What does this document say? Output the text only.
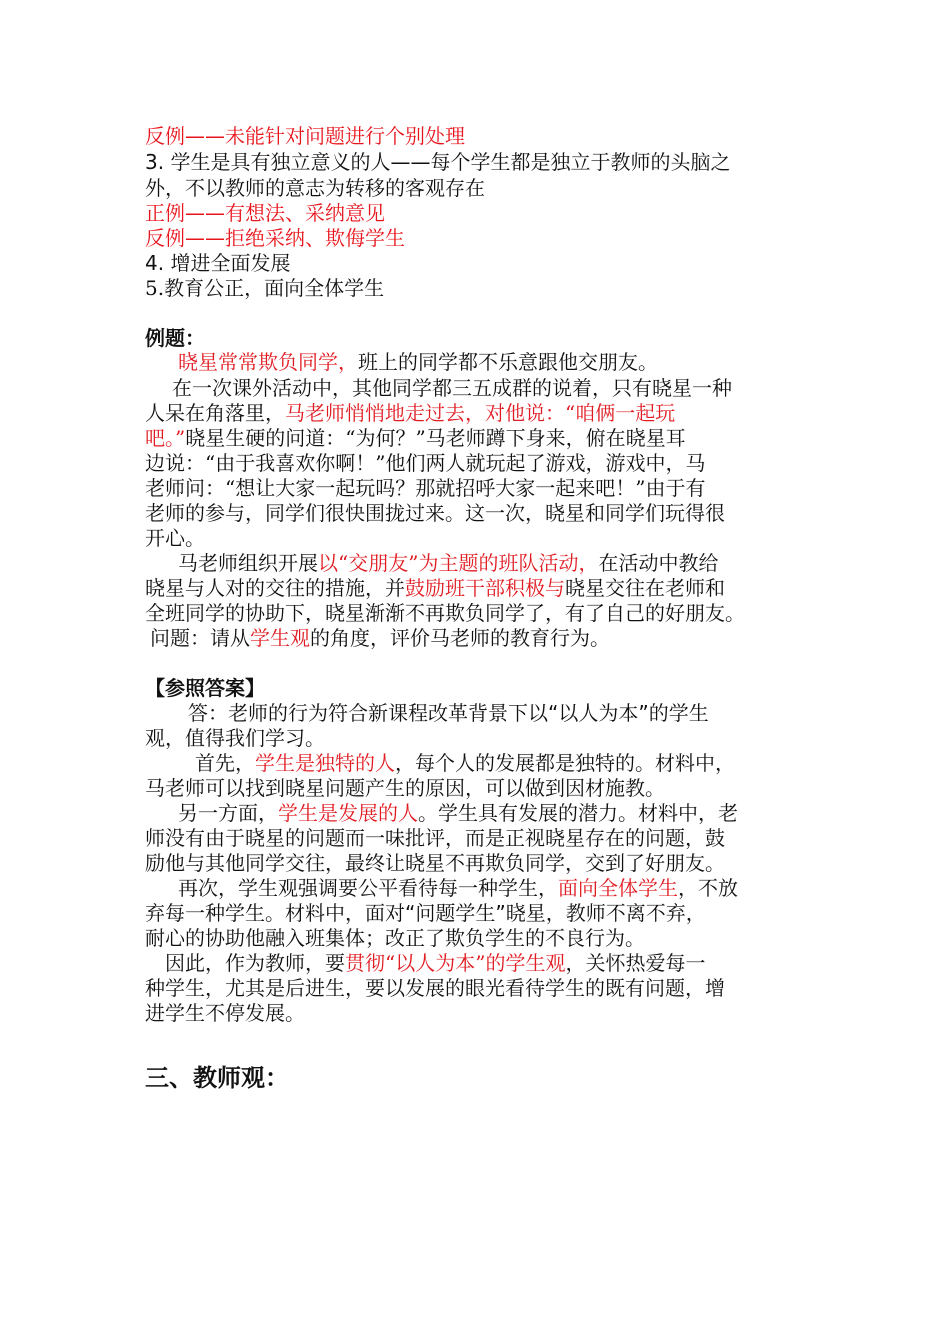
反例——未能针对问题进行个别处理
3. 学生是具有独立意义的人——每个学生都是独立于教师的头脑之
外，不以教师的意志为转移的客观存在
正例——有想法、采纳意见
反例——拒绝采纳、欺侮学生
4. 增进全面发展
5.教育公正，面向全体学生
例题：
晓星常常欺负同学，班上的同学都不乐意跟他交朋友。
在一次课外活动中，其他同学都三五成群的说着，只有晓星一种
人呆在角落里，马老师悄悄地走过去，对他说：“咱俩一起玩
吧。”晓星生硬的问道：“为何？”马老师蹲下身来，俯在晓星耳
边说：“由于我喜欢你啊！”他们两人就玩起了游戏，游戏中，马
老师问：“想让大家一起玩吗？那就招呼大家一起来吧！”由于有
老师的参与，同学们很快围拢过来。这一次，晓星和同学们玩得很
开心。
马老师组织开展以“交朋友”为主题的班队活动，在活动中教给
晓星与人对的交往的措施，并鼓励班干部积极与晓星交往在老师和
全班同学的协助下，晓星渐渐不再欺负同学了，有了自己的好朋友。
问题：请从学生观的角度，评价马老师的教育行为。
【参照答案】
答：老师的行为符合新课程改革背景下以“以人为本”的学生
观，值得我们学习。
首先，学生是独特的人，每个人的发展都是独特的。材料中，
马老师可以找到晓星问题产生的原因，可以做到因材施教。
另一方面，学生是发展的人。学生具有发展的潜力。材料中，老
师没有由于晓星的问题而一味批评，而是正视晓星存在的问题，鼓
励他与其他同学交往，最终让晓星不再欺负同学，交到了好朋友。
再次，学生观强调要公平看待每一种学生，面向全体学生，不放
弃每一种学生。材料中，面对“问题学生”晓星，教师不离不弃，
耐心的协助他融入班集体；改正了欺负学生的不良行为。
因此，作为教师，要贯彻“以人为本”的学生观，关怀热爱每一
种学生，尤其是后进生，要以发展的眼光看待学生的既有问题，增
进学生不停发展。
三、教师观：
